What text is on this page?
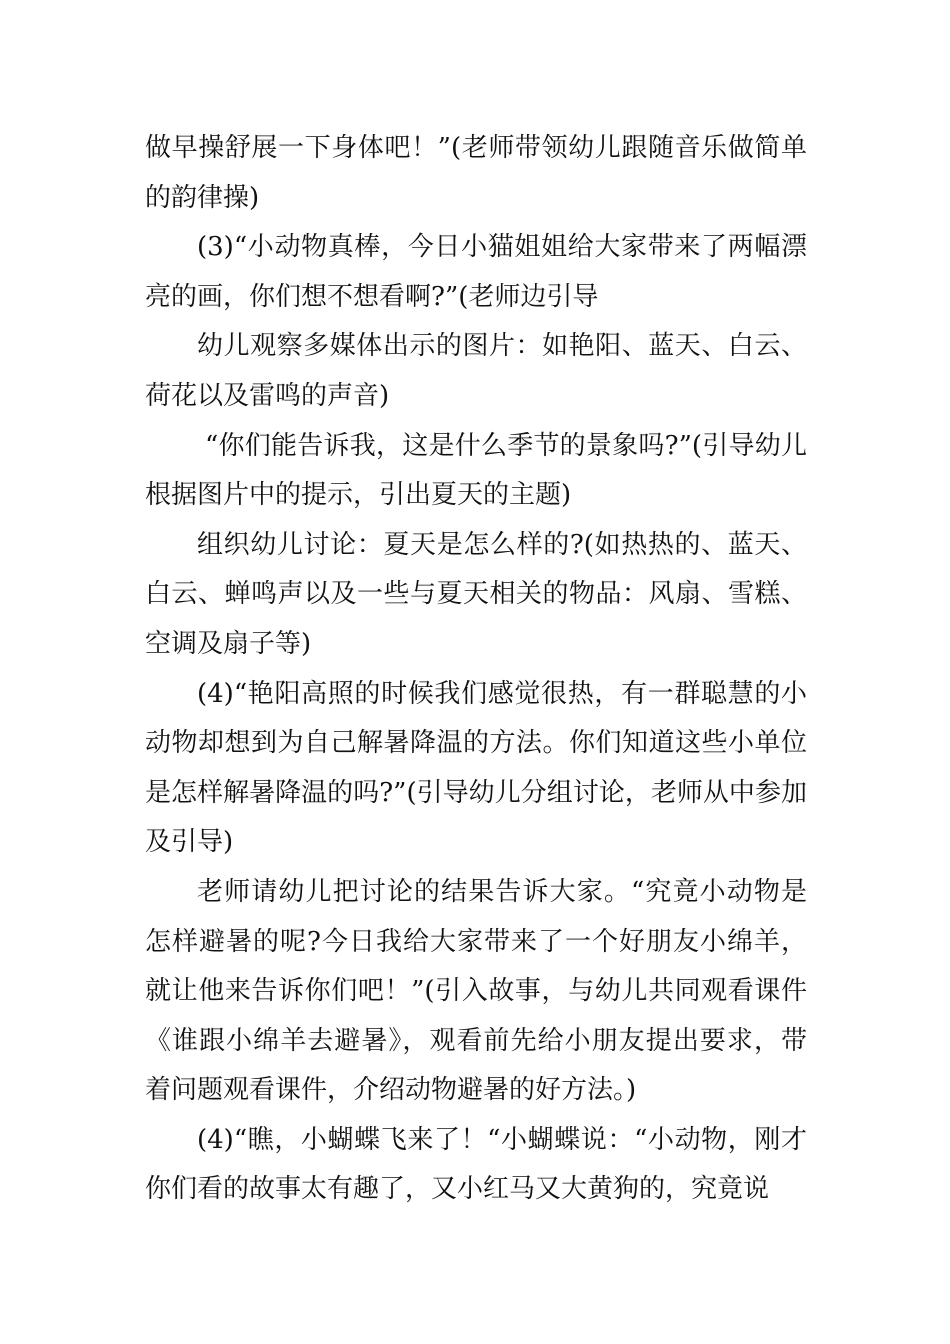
做早操舒展一下身体吧！”(老师带领幼儿跟随音乐做简单的韵律操)

(3)“小动物真棒，今日小猫姐姐给大家带来了两幅漂亮的画，你们想不想看啊?”(老师边引导

幼儿观察多媒体出示的图片：如艳阳、蓝天、白云、荷花以及雷鸣的声音)

“你们能告诉我，这是什么季节的景象吗?”(引导幼儿根据图片中的提示，引出夏天的主题)

组织幼儿讨论：夏天是怎么样的?(如热热的、蓝天、白云、蝉鸣声以及一些与夏天相关的物品：风扇、雪糕、空调及扇子等)

(4)“艳阳高照的时候我们感觉很热，有一群聪慧的小动物却想到为自己解暑降温的方法。你们知道这些小单位是怎样解暑降温的吗?”(引导幼儿分组讨论，老师从中参加及引导)

老师请幼儿把讨论的结果告诉大家。“究竟小动物是怎样避暑的呢?今日我给大家带来了一个好朋友小绵羊，就让他来告诉你们吧！”(引入故事，与幼儿共同观看课件《谁跟小绵羊去避暑》，观看前先给小朋友提出要求，带着问题观看课件，介绍动物避暑的好方法。)

(4)“瞧，小蝴蝶飞来了！“小蝴蝶说：“小动物，刚才你们看的故事太有趣了，又小红马又大黄狗的，究竟说
